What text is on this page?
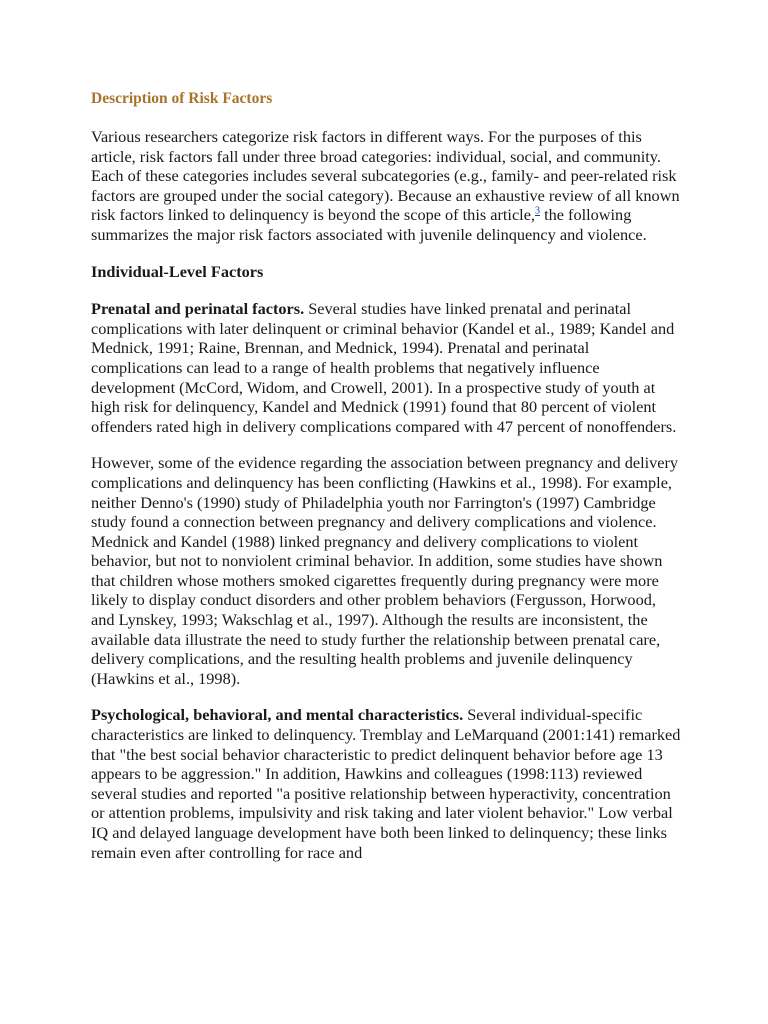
Description of Risk Factors

Various researchers categorize risk factors in different ways. For the purposes of this article, risk factors fall under three broad categories: individual, social, and community. Each of these categories includes several subcategories (e.g., family- and peer-related risk factors are grouped under the social category). Because an exhaustive review of all known risk factors linked to delinquency is beyond the scope of this article,$^3$ the following summarizes the major risk factors associated with juvenile delinquency and violence.

Individual-Level Factors

Prenatal and perinatal factors. Several studies have linked prenatal and perinatal complications with later delinquent or criminal behavior (Kandel et al., 1989; Kandel and Mednick, 1991; Raine, Brennan, and Mednick, 1994). Prenatal and perinatal complications can lead to a range of health problems that negatively influence development (McCord, Widom, and Crowell, 2001). In a prospective study of youth at high risk for delinquency, Kandel and Mednick (1991) found that 80 percent of violent offenders rated high in delivery complications compared with 47 percent of nonoffenders.

However, some of the evidence regarding the association between pregnancy and delivery complications and delinquency has been conflicting (Hawkins et al., 1998). For example, neither Denno's (1990) study of Philadelphia youth nor Farrington's (1997) Cambridge study found a connection between pregnancy and delivery complications and violence. Mednick and Kandel (1988) linked pregnancy and delivery complications to violent behavior, but not to nonviolent criminal behavior. In addition, some studies have shown that children whose mothers smoked cigarettes frequently during pregnancy were more likely to display conduct disorders and other problem behaviors (Fergusson, Horwood, and Lynskey, 1993; Wakschlag et al., 1997). Although the results are inconsistent, the available data illustrate the need to study further the relationship between prenatal care, delivery complications, and the resulting health problems and juvenile delinquency (Hawkins et al., 1998).

Psychological, behavioral, and mental characteristics. Several individual-specific characteristics are linked to delinquency. Tremblay and LeMarquand (2001:141) remarked that "the best social behavior characteristic to predict delinquent behavior before age 13 appears to be aggression." In addition, Hawkins and colleagues (1998:113) reviewed several studies and reported "a positive relationship between hyperactivity, concentration or attention problems, impulsivity and risk taking and later violent behavior." Low verbal IQ and delayed language development have both been linked to delinquency; these links remain even after controlling for race and
